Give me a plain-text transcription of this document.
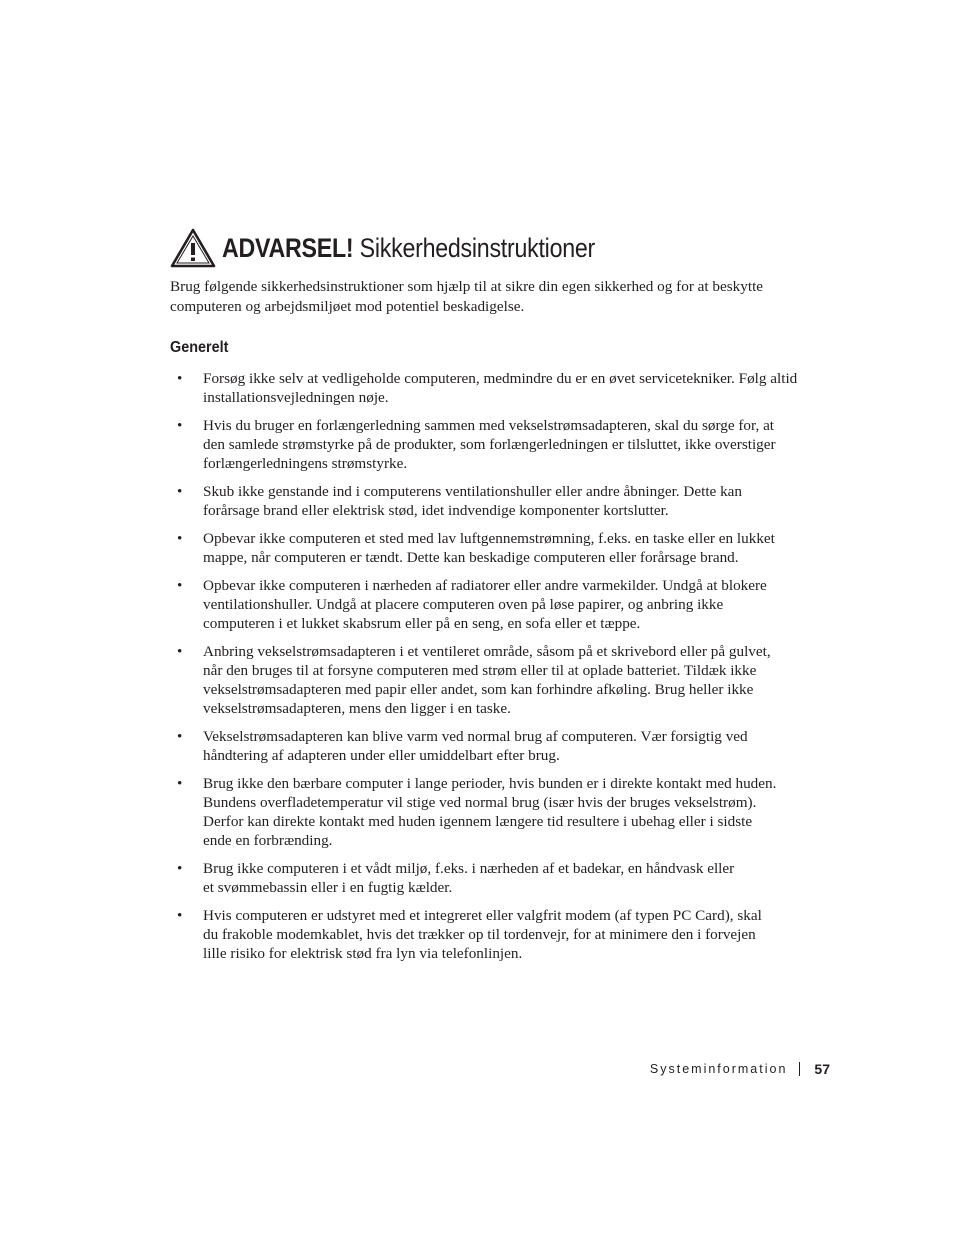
ADVARSEL! Sikkerhedsinstruktioner

Brug følgende sikkerhedsinstruktioner som hjælp til at sikre din egen sikkerhed og for at beskytte computeren og arbejdsmiljøet mod potentiel beskadigelse.

Generelt
• Forsøg ikke selv at vedligeholde computeren, medmindre du er en øvet servicetekniker. Følg altid
installationsvejledningen nøje.
• Hvis du bruger en forlængerledning sammen med vekselstrømsadapteren, skal du sørge for, at
den samlede strømstyrke på de produkter, som forlængerledningen er tilsluttet, ikke overstiger
forlængerledningens strømstyrke.
• Skub ikke genstande ind i computerens ventilationshuller eller andre åbninger. Dette kan
forårsage brand eller elektrisk stød, idet indvendige komponenter kortslutter.
• Opbevar ikke computeren et sted med lav luftgennemstrømning, f.eks. en taske eller en lukket
mappe, når computeren er tændt. Dette kan beskadige computeren eller forårsage brand.
• Opbevar ikke computeren i nærheden af radiatorer eller andre varmekilder. Undgå at blokere
ventilationshuller. Undgå at placere computeren oven på løse papirer, og anbring ikke
computeren i et lukket skabsrum eller på en seng, en sofa eller et tæppe.
• Anbring vekselstrømsadapteren i et ventileret område, såsom på et skrivebord eller på gulvet,
når den bruges til at forsyne computeren med strøm eller til at oplade batteriet. Tildæk ikke
vekselstrømsadapteren med papir eller andet, som kan forhindre afkøling. Brug heller ikke
vekselstrømsadapteren, mens den ligger i en taske.
• Vekselstrømsadapteren kan blive varm ved normal brug af computeren. Vær forsigtig ved
håndtering af adapteren under eller umiddelbart efter brug.
• Brug ikke den bærbare computer i lange perioder, hvis bunden er i direkte kontakt med huden.
Bundens overfladetemperatur vil stige ved normal brug (især hvis der bruges vekselstrøm).
Derfor kan direkte kontakt med huden igennem længere tid resultere i ubehag eller i sidste
ende en forbrænding.
• Brug ikke computeren i et vådt miljø, f.eks. i nærheden af et badekar, en håndvask eller
et svømmebassin eller i en fugtig kælder.
• Hvis computeren er udstyret med et integreret eller valgfrit modem (af typen PC Card), skal
du frakoble modemkablet, hvis det trækker op til tordenvejr, for at minimere den i forvejen
lille risiko for elektrisk stød fra lyn via telefonlinjen.
Systeminformation 57
